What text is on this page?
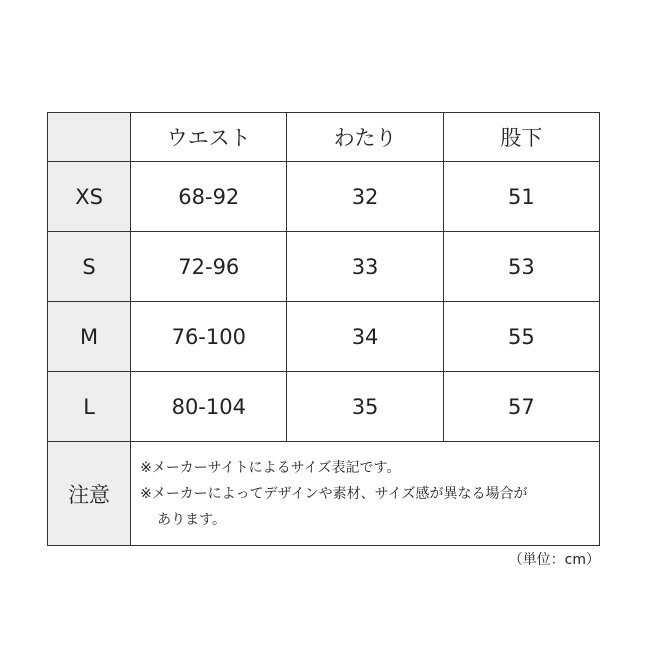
	ウエスト	わたり	股下
XS	68-92	32	51
S	72-96	33	53
M	76-100	34	55
L	80-104	35	57
注意	※メーカーサイトによるサイズ表記です。
※メーカーによってデザインや素材、サイズ感が異なる場合が
あります。		
（単位：cm）
